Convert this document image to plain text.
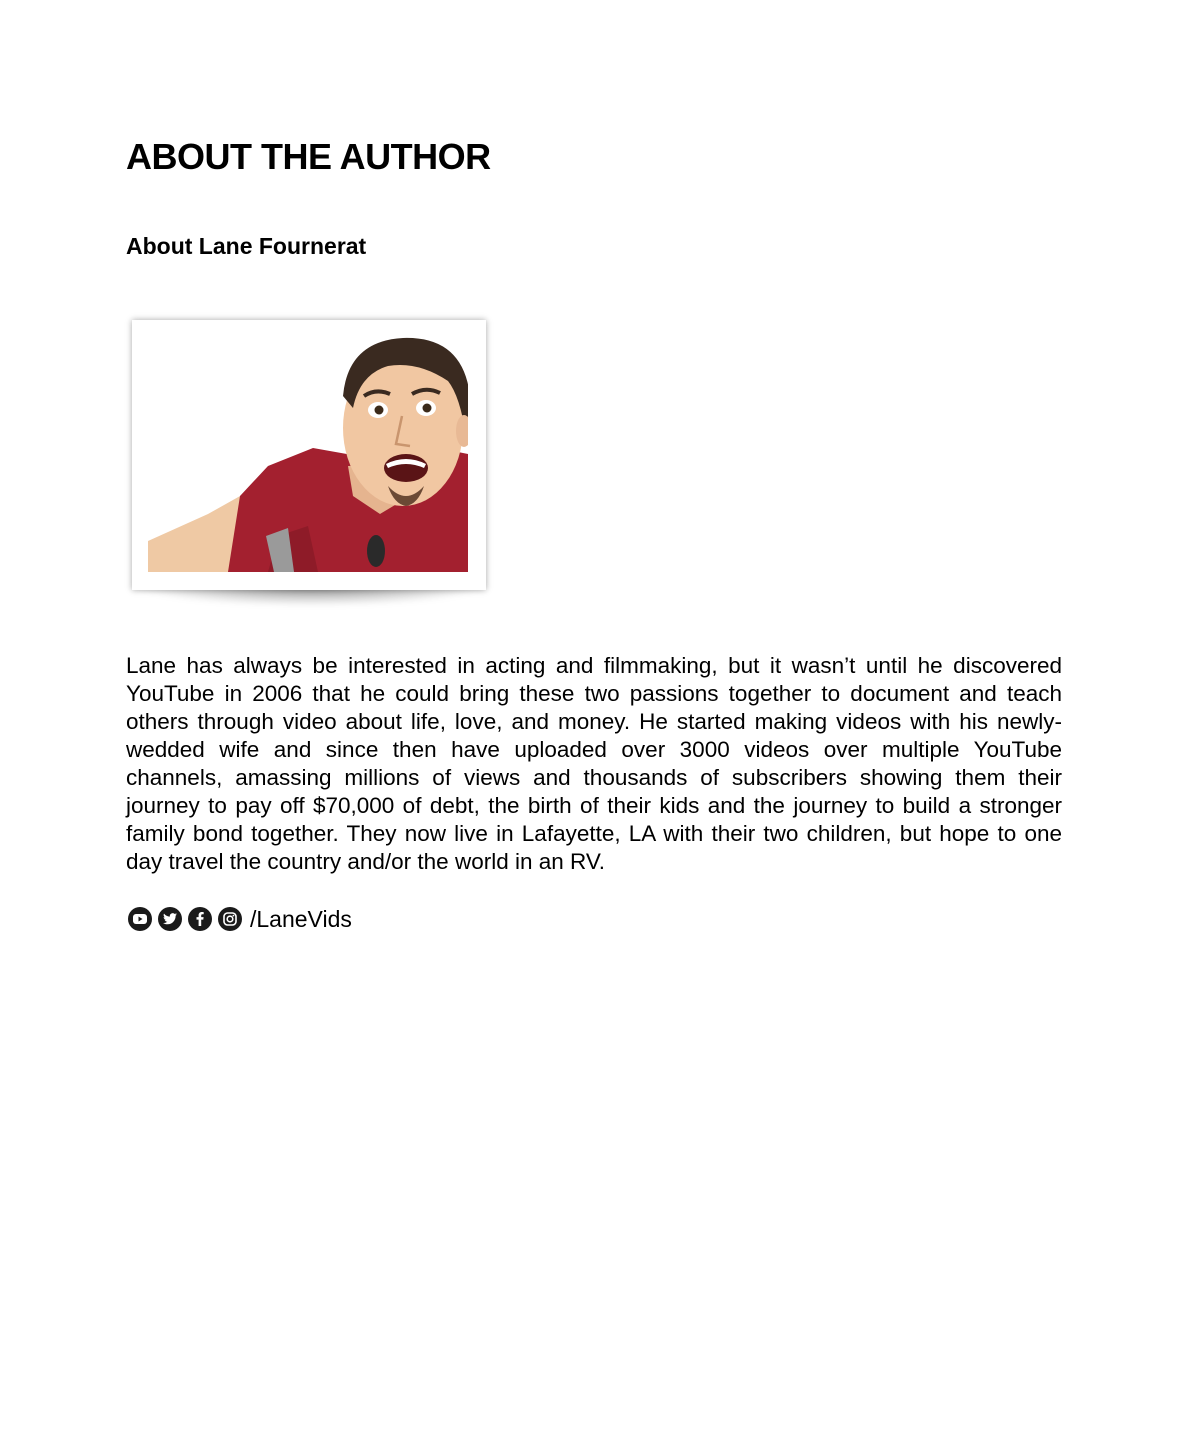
ABOUT THE AUTHOR
About Lane Fournerat

Lane has always be interested in acting and filmmaking, but it wasn’t until he discovered YouTube in 2006 that he could bring these two passions together to document and teach others through video about life, love, and money. He started making videos with his newly-wedded wife and since then have uploaded over 3000 videos over multiple YouTube channels, amassing millions of views and thousands of subscribers showing them their journey to pay off $70,000 of debt, the birth of their kids and the journey to build a stronger family bond together. They now live in Lafayette, LA with their two children, but hope to one day travel the country and/or the world in an RV.

/LaneVids
